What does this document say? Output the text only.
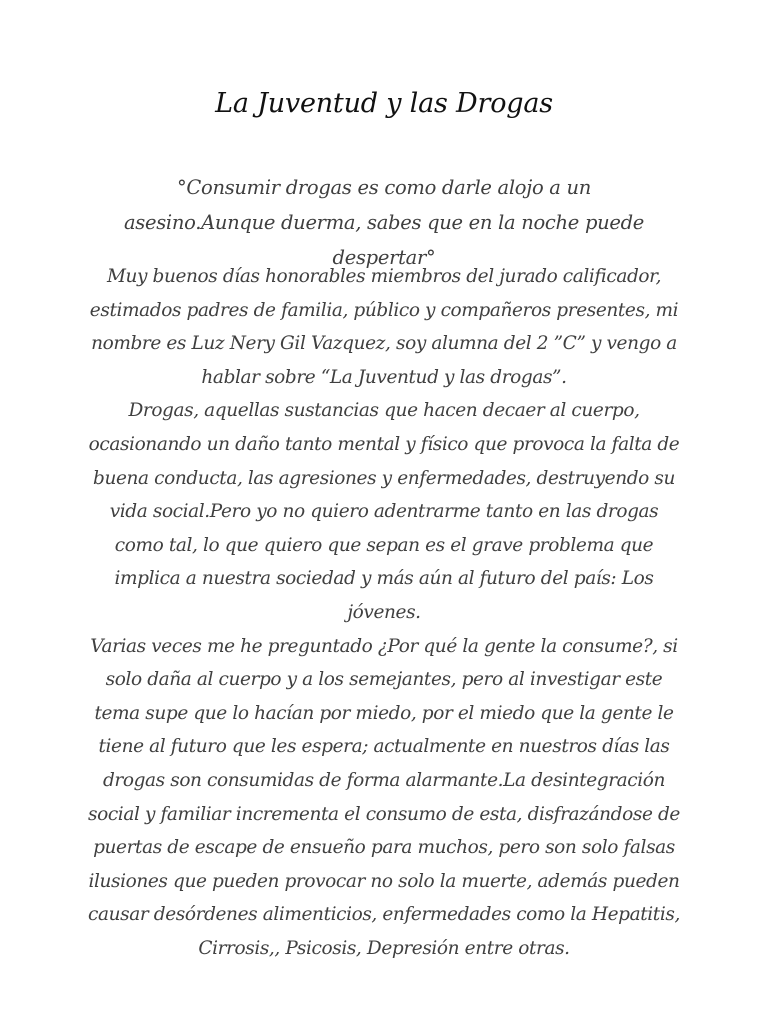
La Juventud y las Drogas

°Consumir drogas es como darle alojo a un asesino.Aunque duerma, sabes que en la noche puede despertar°

Muy buenos días honorables miembros del jurado calificador, estimados padres de familia, público y compañeros presentes, mi nombre es Luz Nery Gil Vazquez, soy alumna del 2 ”C” y vengo a hablar sobre “La Juventud y las drogas”.

Drogas, aquellas sustancias que hacen decaer al cuerpo, ocasionando un daño tanto mental y físico que provoca la falta de buena conducta, las agresiones y enfermedades, destruyendo su vida social.Pero yo no quiero adentrarme tanto en las drogas como tal, lo que quiero que sepan es el grave problema que implica a nuestra sociedad y más aún al futuro del país: Los jóvenes.

Varias veces me he preguntado ¿Por qué la gente la consume?, si solo daña al cuerpo y a los semejantes, pero al investigar este tema supe que lo hacían por miedo, por el miedo que la gente le tiene al futuro que les espera; actualmente en nuestros días las drogas son consumidas de forma alarmante.La desintegración social y familiar incrementa el consumo de esta, disfrazándose de puertas de escape de ensueño para muchos, pero son solo falsas ilusiones que pueden provocar no solo la muerte, además pueden causar desórdenes alimenticios, enfermedades como la Hepatitis, Cirrosis,, Psicosis, Depresión entre otras.
